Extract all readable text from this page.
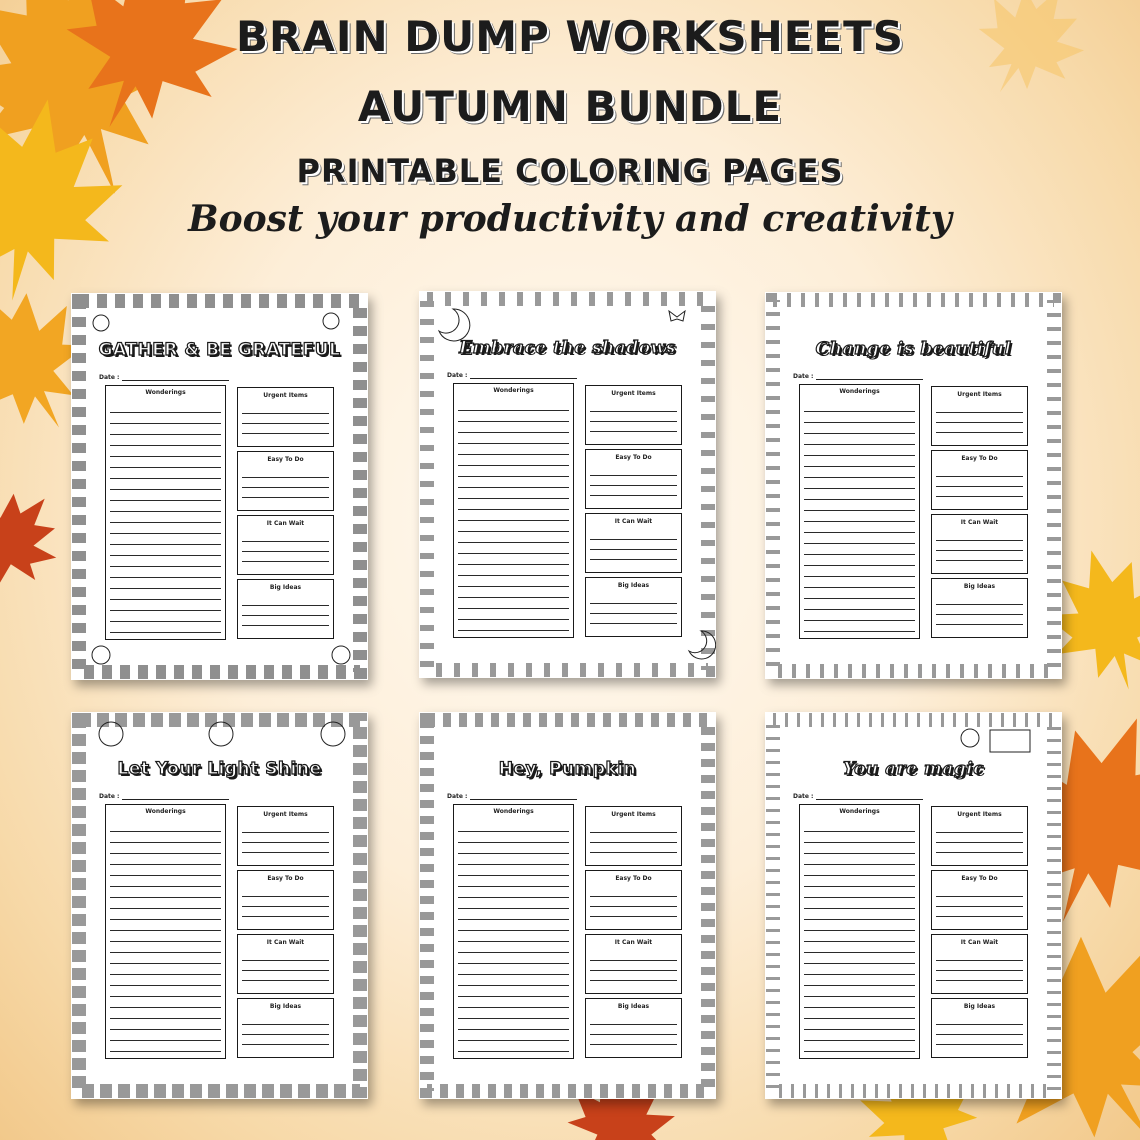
BRAIN DUMP WORKSHEETS
AUTUMN BUNDLE
PRINTABLE COLORING PAGES
Boost your productivity and creativity
GATHER & BE GRATEFUL
Date :
Wonderings	Urgent Items
Easy To Do
It Can Wait
Big Ideas
Embrace the shadows
Date :
Wonderings	Urgent Items
Easy To Do
It Can Wait
Big Ideas
Change is beautiful
Date :
Wonderings	Urgent Items
Easy To Do
It Can Wait
Big Ideas
Let Your Light Shine
Date :
Wonderings	Urgent Items
Easy To Do
It Can Wait
Big Ideas
Hey, Pumpkin
Date :
Wonderings	Urgent Items
Easy To Do
It Can Wait
Big Ideas
You are magic
Date :
Wonderings	Urgent Items
Easy To Do
It Can Wait
Big Ideas
